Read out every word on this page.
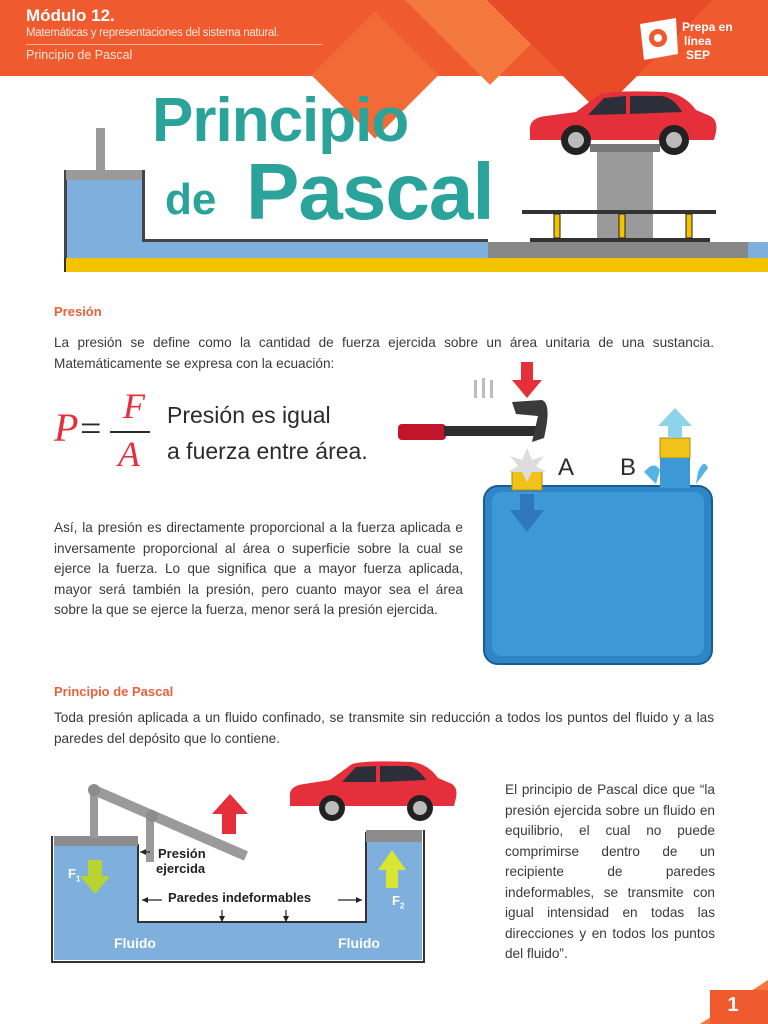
Módulo 12.
Matemáticas y representaciones del sistema natural.
Principio de Pascal
Prepa en
línea
SEP
Principio
de Pascal
Presión
La presión se define como la cantidad de fuerza ejercida sobre un área unitaria de una sustancia. Matemáticamente se expresa con la ecuación:
P =
F
A
Presión es igual
a fuerza entre área.
Así, la presión es directamente proporcional a la fuerza aplicada e inversamente proporcional al área o superficie sobre la cual se ejerce la fuerza. Lo que significa que a mayor fuerza aplicada, mayor será también la presión, pero cuanto mayor sea el área sobre la que se ejerce la fuerza, menor será la presión ejercida.
A B
Principio de Pascal
Toda presión aplicada a un fluido confinado, se transmite sin reducción a todos los puntos del fluido y a las paredes del depósito que lo contiene.
Presión
ejercida
Paredes indeformables
Fluido	Fluido
$F_1$
$F_2$
El principio de Pascal dice que “la presión ejercida sobre un fluido en equilibrio, el cual no puede comprimirse dentro de un recipiente de paredes indeformables, se transmite con igual intensidad en todas las direcciones y en todos los puntos del fluido”.
1
